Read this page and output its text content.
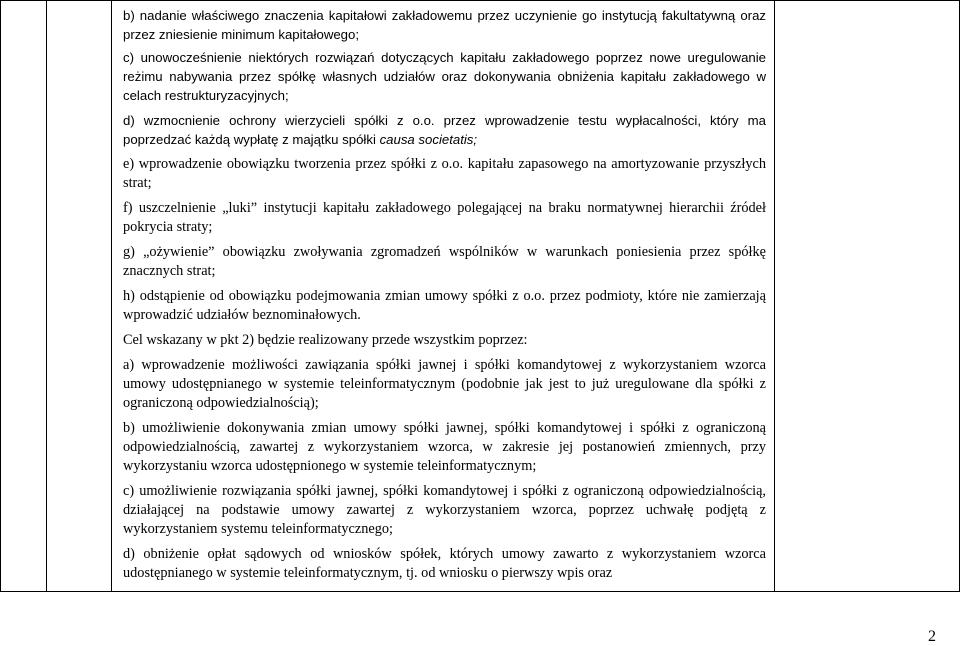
b) nadanie właściwego znaczenia kapitałowi zakładowemu przez uczynienie go instytucją fakultatywną oraz przez zniesienie minimum kapitałowego;

c) unowocześnienie niektórych rozwiązań dotyczących kapitału zakładowego poprzez nowe uregulowanie reżimu nabywania przez spółkę własnych udziałów oraz dokonywania obniżenia kapitału zakładowego w celach restrukturyzacyjnych;

d) wzmocnienie ochrony wierzycieli spółki z o.o. przez wprowadzenie testu wypłacalności, który ma poprzedzać każdą wypłatę z majątku spółki causa societatis;

e) wprowadzenie obowiązku tworzenia przez spółki z o.o. kapitału zapasowego na amortyzowanie przyszłych strat;

f) uszczelnienie „luki” instytucji kapitału zakładowego polegającej na braku normatywnej hierarchii źródeł pokrycia straty;

g) „ożywienie” obowiązku zwoływania zgromadzeń wspólników w warunkach poniesienia przez spółkę znacznych strat;

h) odstąpienie od obowiązku podejmowania zmian umowy spółki z o.o. przez podmioty, które nie zamierzają wprowadzić udziałów beznominałowych.

Cel wskazany w pkt 2) będzie realizowany przede wszystkim poprzez:

a) wprowadzenie możliwości zawiązania spółki jawnej i spółki komandytowej z wykorzystaniem wzorca umowy udostępnianego w systemie teleinformatycznym (podobnie jak jest to już uregulowane dla spółki z ograniczoną odpowiedzialnością);

b) umożliwienie dokonywania zmian umowy spółki jawnej, spółki komandytowej i spółki z ograniczoną odpowiedzialnością, zawartej z wykorzystaniem wzorca, w zakresie jej postanowień zmiennych, przy wykorzystaniu wzorca udostępnionego w systemie teleinformatycznym;

c) umożliwienie rozwiązania spółki jawnej, spółki komandytowej i spółki z ograniczoną odpowiedzialnością, działającej na podstawie umowy zawartej z wykorzystaniem wzorca, poprzez uchwałę podjętą z wykorzystaniem systemu teleinformatycznego;

d) obniżenie opłat sądowych od wniosków spółek, których umowy zawarto z wykorzystaniem wzorca udostępnianego w systemie teleinformatycznym, tj. od wniosku o pierwszy wpis oraz

2
